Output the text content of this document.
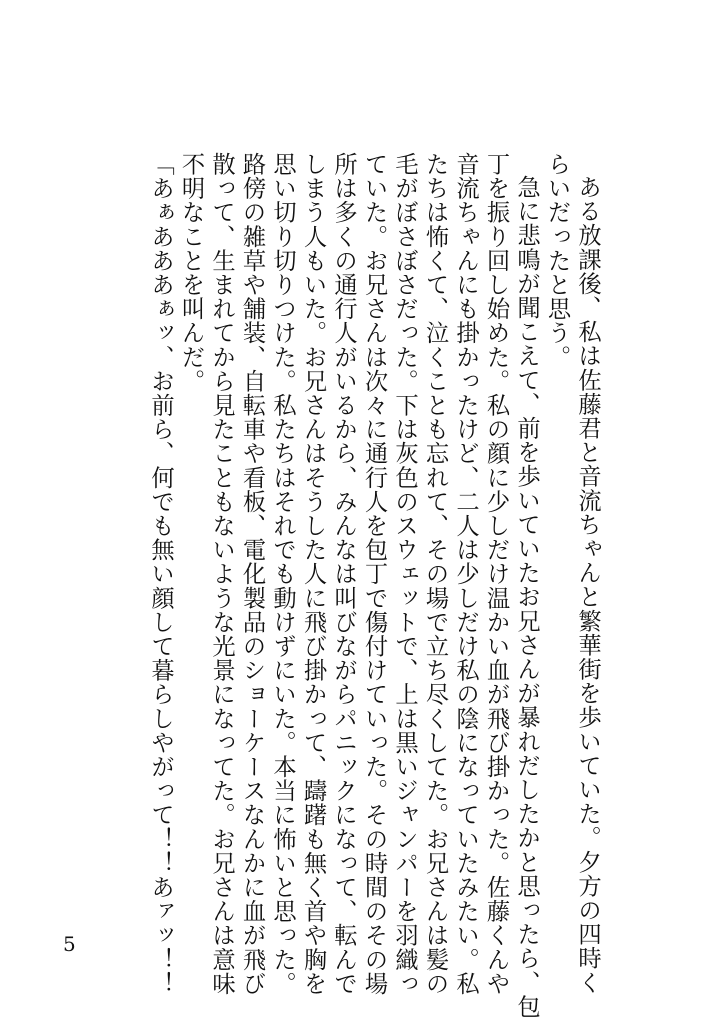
ある放課後、私は佐藤君と音流ちゃんと繁華街を歩いていた。夕方の四時く
らいだったと思う。
急に悲鳴が聞こえて、前を歩いていたお兄さんが暴れだしたかと思ったら、包
丁を振り回し始めた。私の顔に少しだけ温かい血が飛び掛かった。佐藤くんや
音流ちゃんにも掛かったけど、二人は少しだけ私の陰になっていたみたい。私
たちは怖くて、泣くことも忘れて、その場で立ち尽くしてた。お兄さんは髪の
毛がぼさぼさだった。下は灰色のスウェットで、上は黒いジャンパーを羽織っ
ていた。お兄さんは次々に通行人を包丁で傷付けていった。その時間のその場
所は多くの通行人がいるから、みんなは叫びながらパニックになって、転んで
しまう人もいた。お兄さんはそうした人に飛び掛かって、躊躇も無く首や胸を
思い切り切りつけた。私たちはそれでも動けずにいた。本当に怖いと思った。
路傍の雑草や舗装、自転車や看板、電化製品のショーケースなんかに血が飛び
散って、生まれてから見たこともないような光景になってた。お兄さんは意味
不明なことを叫んだ。
「あぁあああぁッ、お前ら、何でも無い顔して暮らしやがって！！あァッ！！
5
